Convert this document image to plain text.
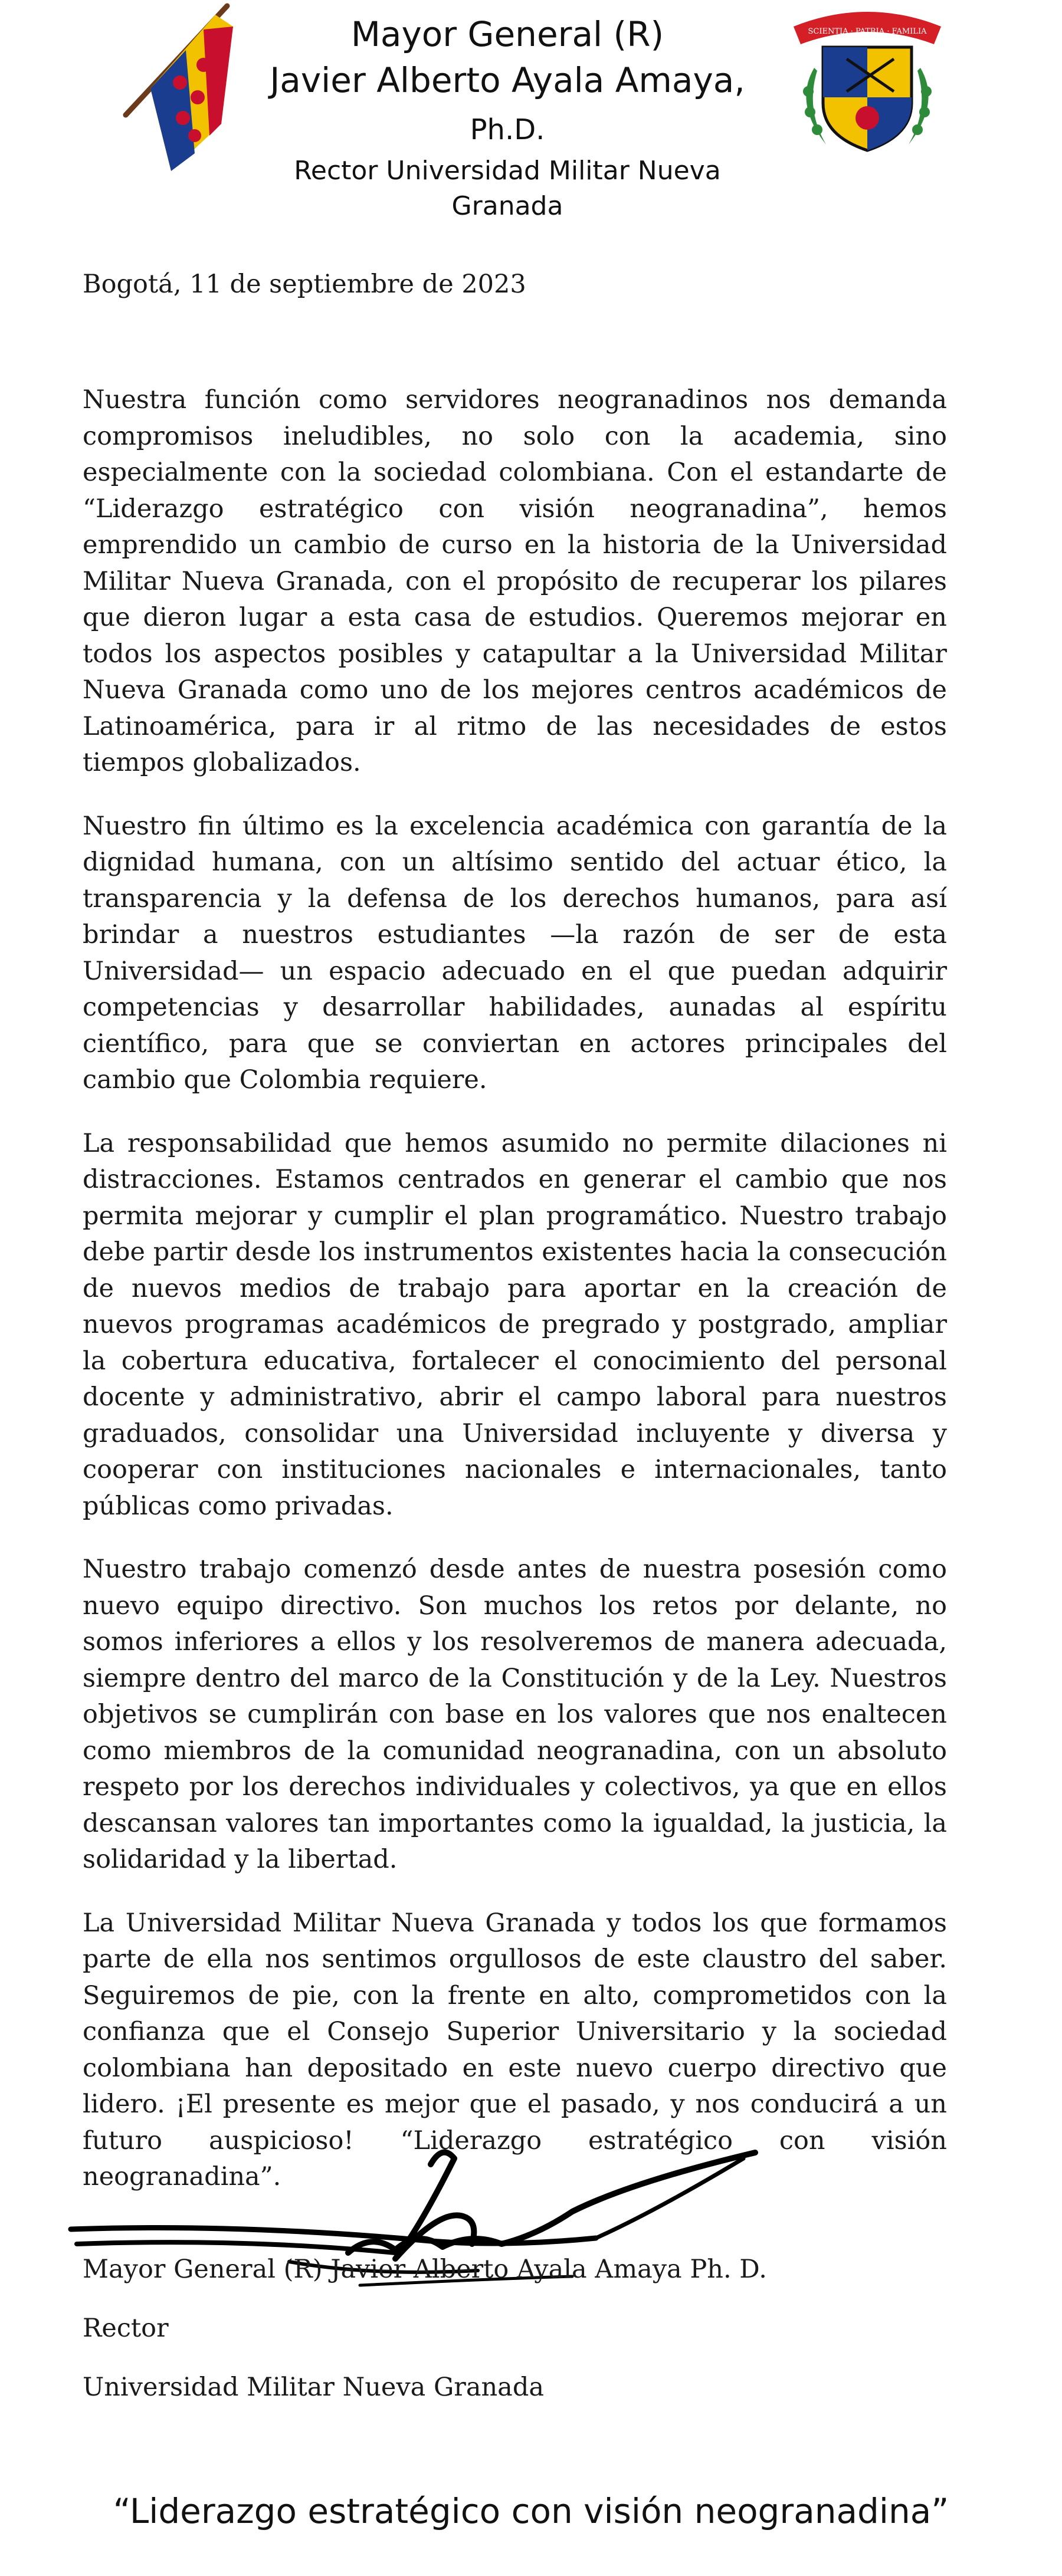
Mayor General (R)
Javier Alberto Ayala Amaya, Ph.D.
Rector Universidad Militar Nueva Granada
SCIENTIA · PATRIA · FAMILIA
Bogotá, 11 de septiembre de 2023

Nuestra función como servidores neogranadinos nos demanda compromisos ineludibles, no solo con la academia, sino especialmente con la sociedad colombiana. Con el estandarte de “Liderazgo estratégico con visión neogranadina”, hemos emprendido un cambio de curso en la historia de la Universidad Militar Nueva Granada, con el propósito de recuperar los pilares que dieron lugar a esta casa de estudios. Queremos mejorar en todos los aspectos posibles y catapultar a la Universidad Militar Nueva Granada como uno de los mejores centros académicos de Latinoamérica, para ir al ritmo de las necesidades de estos tiempos globalizados.

Nuestro fin último es la excelencia académica con garantía de la dignidad humana, con un altísimo sentido del actuar ético, la transparencia y la defensa de los derechos humanos, para así brindar a nuestros estudiantes —la razón de ser de esta Universidad— un espacio adecuado en el que puedan adquirir competencias y desarrollar habilidades, aunadas al espíritu científico, para que se conviertan en actores principales del cambio que Colombia requiere.

La responsabilidad que hemos asumido no permite dilaciones ni distracciones. Estamos centrados en generar el cambio que nos permita mejorar y cumplir el plan programático. Nuestro trabajo debe partir desde los instrumentos existentes hacia la consecución de nuevos medios de trabajo para aportar en la creación de nuevos programas académicos de pregrado y postgrado, ampliar la cobertura educativa, fortalecer el conocimiento del personal docente y administrativo, abrir el campo laboral para nuestros graduados, consolidar una Universidad incluyente y diversa y cooperar con instituciones nacionales e internacionales, tanto públicas como privadas.

Nuestro trabajo comenzó desde antes de nuestra posesión como nuevo equipo directivo. Son muchos los retos por delante, no somos inferiores a ellos y los resolveremos de manera adecuada, siempre dentro del marco de la Constitución y de la Ley. Nuestros objetivos se cumplirán con base en los valores que nos enaltecen como miembros de la comunidad neogranadina, con un absoluto respeto por los derechos individuales y colectivos, ya que en ellos descansan valores tan importantes como la igualdad, la justicia, la solidaridad y la libertad.

La Universidad Militar Nueva Granada y todos los que formamos parte de ella nos sentimos orgullosos de este claustro del saber. Seguiremos de pie, con la frente en alto, comprometidos con la confianza que el Consejo Superior Universitario y la sociedad colombiana han depositado en este nuevo cuerpo directivo que lidero. ¡El presente es mejor que el pasado, y nos conducirá a un futuro auspicioso! “Liderazgo estratégico con visión neogranadina”.

Mayor General (R) Javier Alberto Ayala Amaya Ph. D.
Rector
Universidad Militar Nueva Granada
“Liderazgo estratégico con visión neogranadina”
